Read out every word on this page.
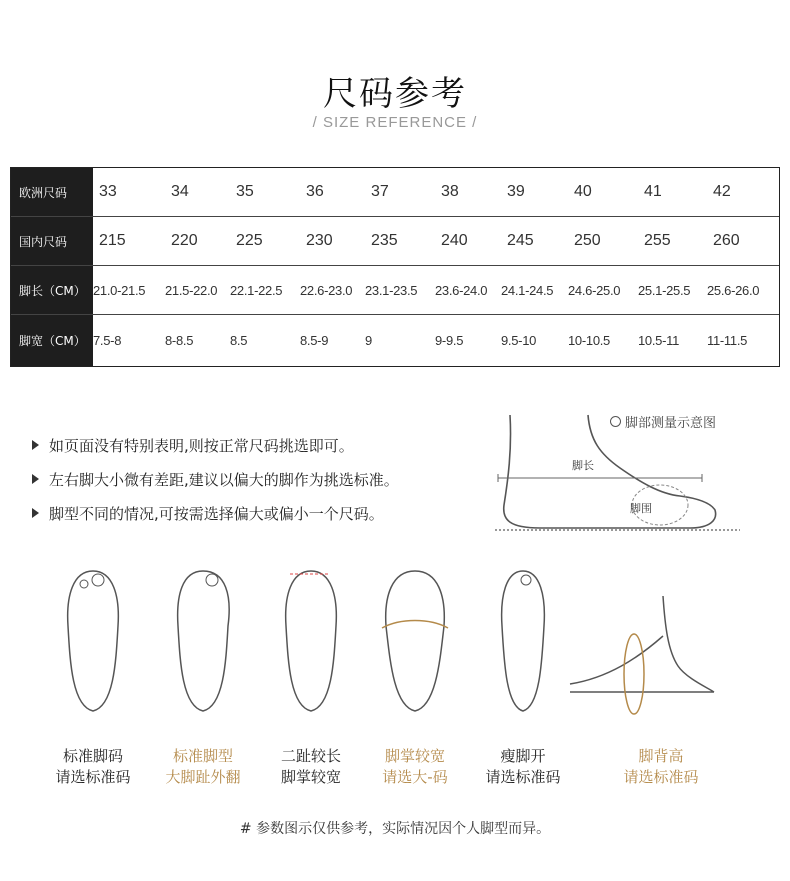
尺码参考
/ SIZE REFERENCE /
欧洲尺码	33	34	35	36	37	38	39	40	41	42
国内尺码	215	220 225	230 235	240 245	250	255	260
脚长（CM） 21.0-21.5 21.5-22.0 22.1-22.5 22.6-23.0 23.1-23.5 23.6-24.0 24.1-24.5 24.6-25.0 25.1-25.5 25.6-26.0
脚宽（CM） 7.5-8	8-8.5	8.5	8.5-9	9	9-9.5	9.5-10 10-10.5 10.5-11 11-11.5
如页面没有特别表明,则按正常尺码挑选即可。
左右脚大小微有差距,建议以偏大的脚作为挑选标准。
脚型不同的情况,可按需选择偏大或偏小一个尺码。
脚部测量示意图
脚长
脚围
标准脚码
请选标准码
标准脚型
大脚趾外翻
二趾较长
脚掌较宽
脚掌较宽
请选大-码
瘦脚开
请选标准码
脚背高
请选标准码
# 参数图示仅供参考，实际情况因个人脚型而异。
